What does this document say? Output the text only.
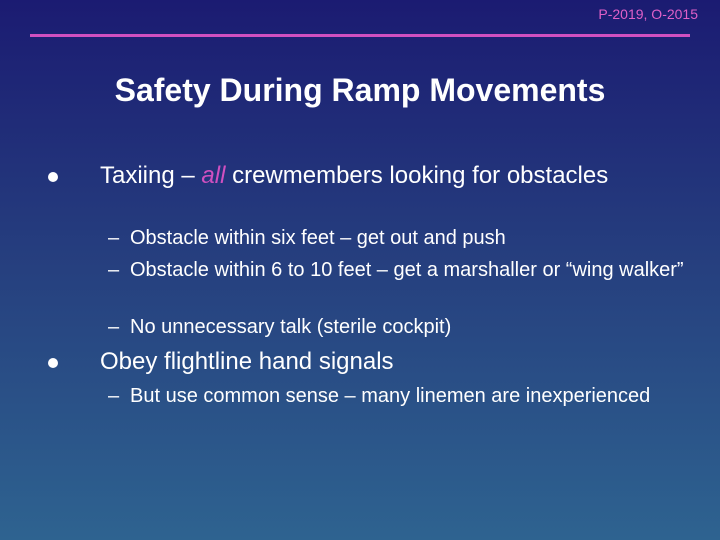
P-2019, O-2015
Safety During Ramp Movements
Taxiing – all crewmembers looking for obstacles
– Obstacle within six feet – get out and push
– Obstacle within 6 to 10 feet – get a marshaller or “wing walker”
– No unnecessary talk (sterile cockpit)
Obey flightline hand signals
– But use common sense – many linemen are inexperienced
